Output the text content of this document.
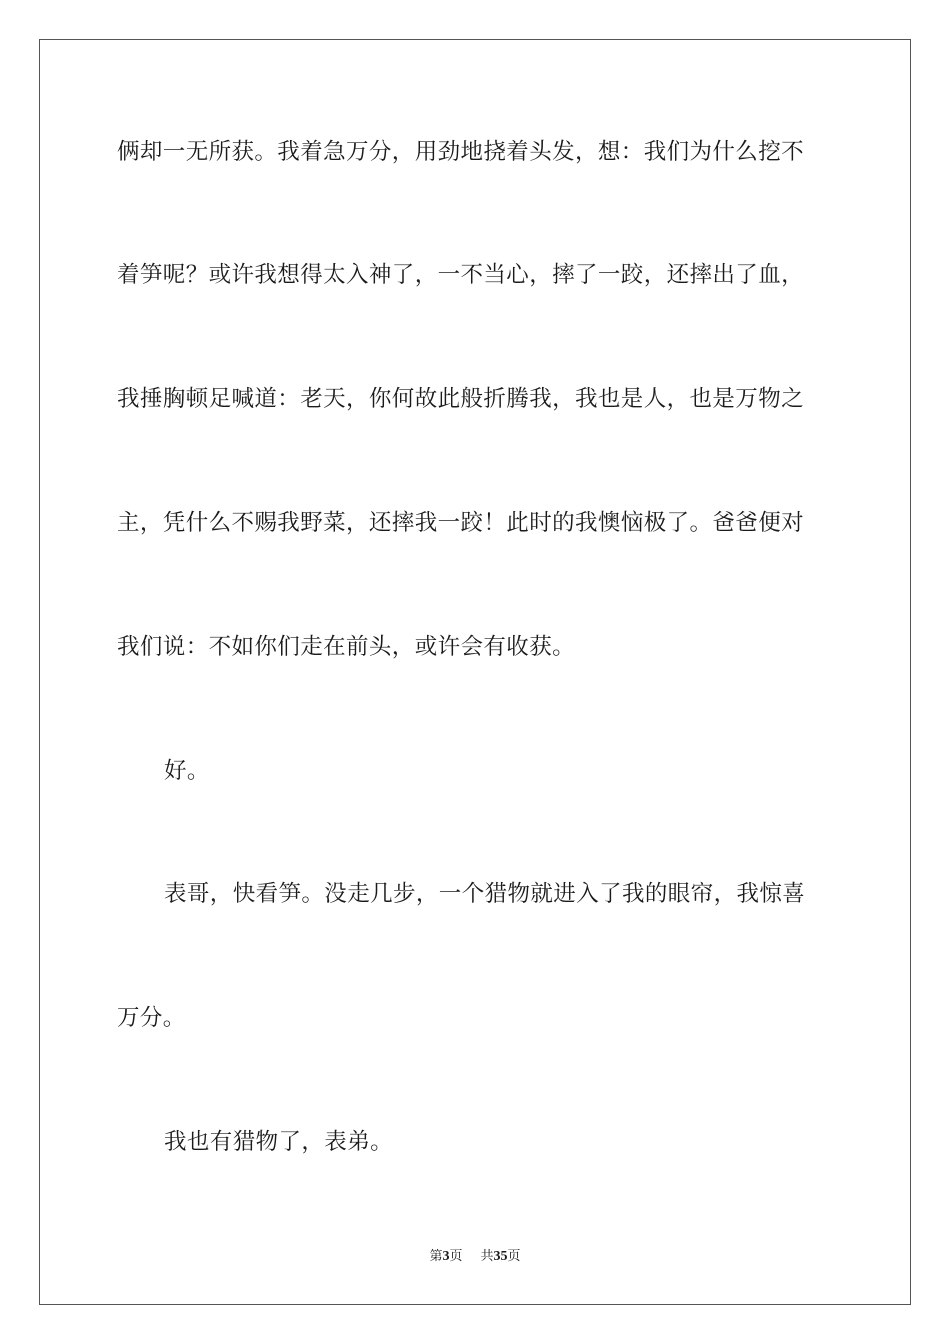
俩却一无所获。我着急万分，用劲地挠着头发，想：我们为什么挖不
着笋呢？或许我想得太入神了，一不当心，摔了一跤，还摔出了血，
我捶胸顿足喊道：老天，你何故此般折腾我，我也是人，也是万物之
主，凭什么不赐我野菜，还摔我一跤！此时的我懊恼极了。爸爸便对
我们说：不如你们走在前头，或许会有收获。
好。
表哥，快看笋。没走几步，一个猎物就进入了我的眼帘，我惊喜
万分。
我也有猎物了，表弟。
第3页 共35页
